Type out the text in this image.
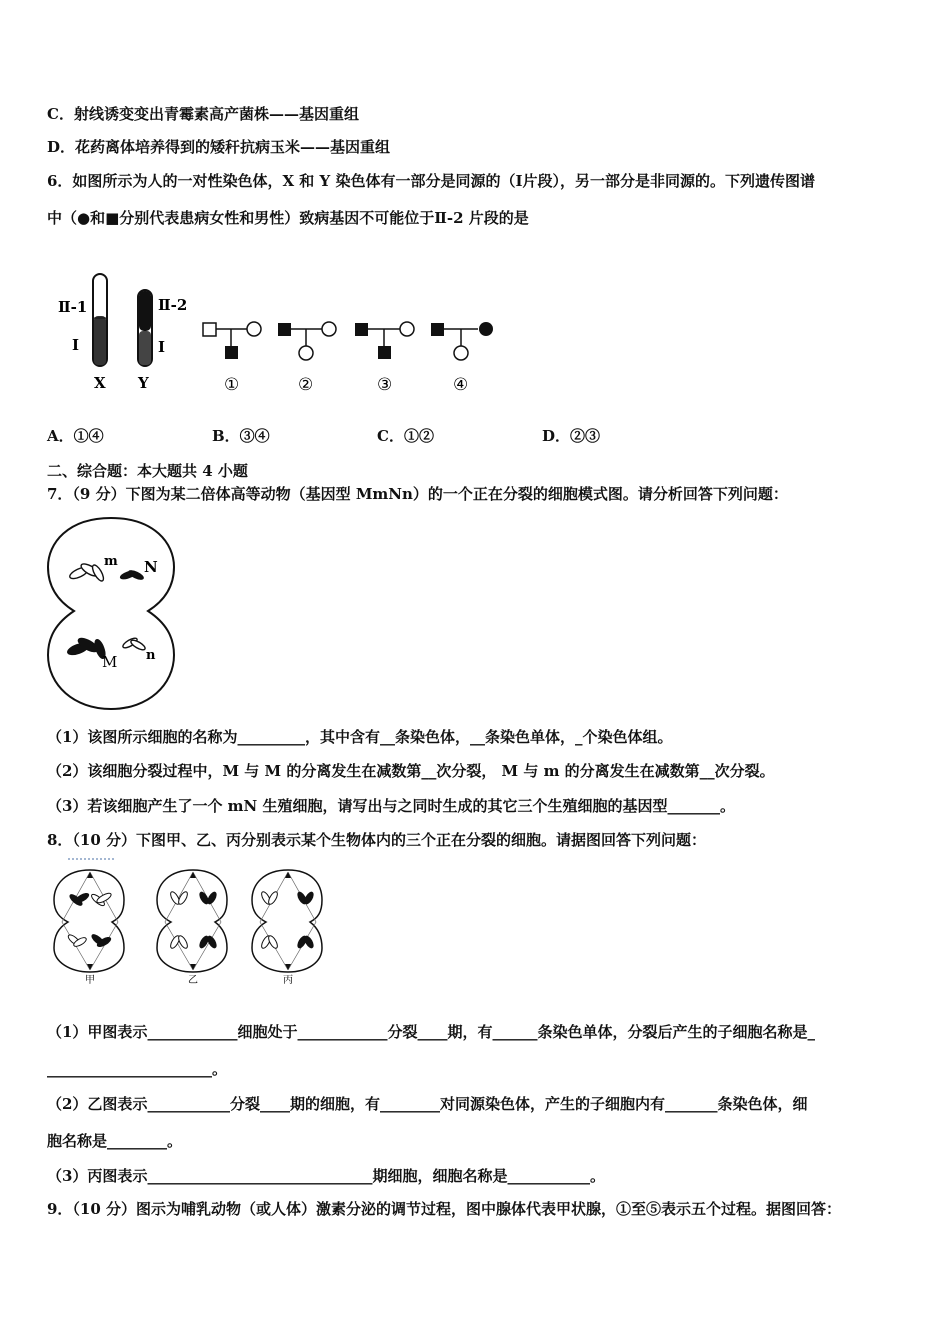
C．射线诱变变出青霉素高产菌株——基因重组
D．花药离体培养得到的矮秆抗病玉米——基因重组
6．如图所示为人的一对性染色体，X 和 Y 染色体有一部分是同源的（Ⅰ片段），另一部分是非同源的。下列遗传图谱
中（●和■分别代表患病女性和男性）致病基因不可能位于Ⅱ-2 片段的是
Ⅱ-1
Ⅰ
X
Ⅱ-2
Ⅰ
Y	①	②	③	④
A．①④	B．③④	C．①②	D．②③
二、综合题：本大题共 4 小题
7．（9 分）下图为某二倍体高等动物（基因型 MmNn）的一个正在分裂的细胞模式图。请分析回答下列问题：
m N
M n
（1）该图所示细胞的名称为_________，其中含有__条染色体，__条染色单体，_个染色体组。
（2）该细胞分裂过程中，M 与 M 的分离发生在减数第__次分裂， M 与 m 的分离发生在减数第__次分裂。
（3）若该细胞产生了一个 mN 生殖细胞，请写出与之同时生成的其它三个生殖细胞的基因型_______。
8．（10 分）下图甲、乙、丙分别表示某个生物体内的三个正在分裂的细胞。请据图回答下列问题：
甲	乙	丙
（1）甲图表示____________细胞处于____________分裂____期，有______条染色单体，分裂后产生的子细胞名称是_
______________________。
（2）乙图表示___________分裂____期的细胞，有________对同源染色体，产生的子细胞内有_______条染色体，细
胞名称是________。
（3）丙图表示______________________________期细胞，细胞名称是___________。
9．（10 分）图示为哺乳动物（或人体）激素分泌的调节过程，图中腺体代表甲状腺，①至⑤表示五个过程。据图回答：
